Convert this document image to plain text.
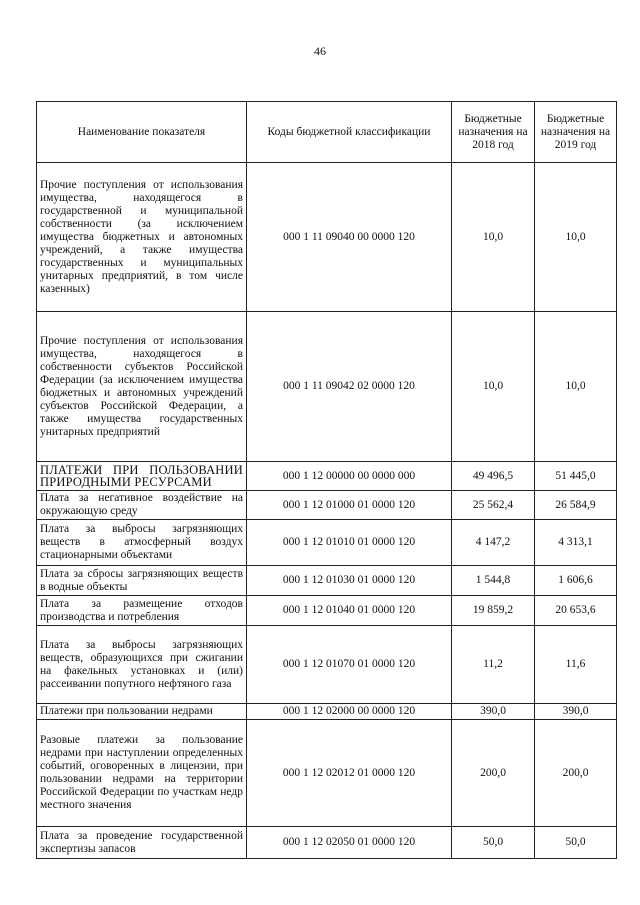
46
Наименование показателя	Коды бюджетной классификации	Бюджетные назначения на 2018 год	Бюджетные назначения на 2019 год
Прочие поступления от использования имущества, находящегося в государственной и муниципальной собственности (за исключением имущества бюджетных и автономных учреждений, а также имущества государственных и муниципальных унитарных предприятий, в том числе казенных)	000 1 11 09040 00 0000 120	10,0	10,0
Прочие поступления от использования имущества, находящегося в собственности субъектов Российской Федерации (за исключением имущества бюджетных и автономных учреждений субъектов Российской Федерации, а также имущества государственных унитарных предприятий	000 1 11 09042 02 0000 120	10,0	10,0
ПЛАТЕЖИ ПРИ ПОЛЬЗОВАНИИ ПРИРОДНЫМИ РЕСУРСАМИ	000 1 12 00000 00 0000 000	49 496,5	51 445,0
Плата за негативное воздействие на окружающую среду	000 1 12 01000 01 0000 120	25 562,4	26 584,9
Плата за выбросы загрязняющих веществ в атмосферный воздух стационарными объектами	000 1 12 01010 01 0000 120	4 147,2	4 313,1
Плата за сбросы загрязняющих веществ в водные объекты	000 1 12 01030 01 0000 120	1 544,8	1 606,6
Плата за размещение отходов производства и потребления	000 1 12 01040 01 0000 120	19 859,2	20 653,6
Плата за выбросы загрязняющих веществ, образующихся при сжигании на факельных установках и (или) рассеивании попутного нефтяного газа	000 1 12 01070 01 0000 120	11,2	11,6
Платежи при пользовании недрами	000 1 12 02000 00 0000 120	390,0	390,0
Разовые платежи за пользование недрами при наступлении определенных событий, оговоренных в лицензии, при пользовании недрами на территории Российской Федерации по участкам недр местного значения	000 1 12 02012 01 0000 120	200,0	200,0
Плата за проведение государственной экспертизы запасов	000 1 12 02050 01 0000 120	50,0	50,0
